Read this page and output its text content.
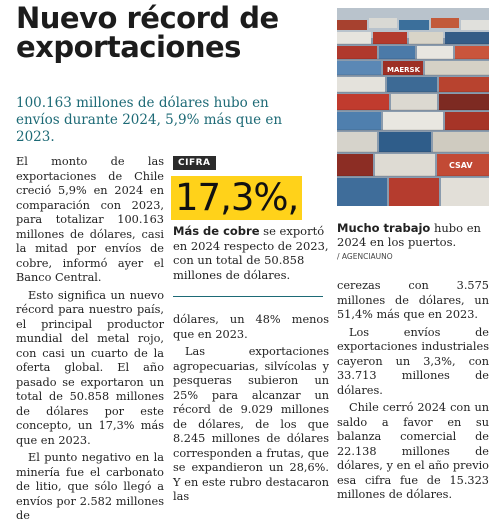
Nuevo récord de exportaciones

100.163 millones de dólares hubo en envíos durante 2024, 5,9% más que en 2023.

MAERSK
CSAV

Mucho trabajo hubo en 2024 en los puertos.

/ AGENCIAUNO

El monto de las exportaciones de Chile creció 5,9% en 2024 en comparación con 2023, para totalizar 100.163 millones de dólares, casi la mitad por envíos de cobre, informó ayer el Banco Central.

Esto significa un nuevo récord para nuestro país, el principal productor mundial del metal rojo, con casi un cuarto de la oferta global. El año pasado se exportaron un total de 50.858 millones de dólares por este concepto, un 17,3% más que en 2023.

El punto negativo en la minería fue el carbonato de litio, que sólo llegó a envíos por 2.582 millones de

CIFRA
17,3%,

Más de cobre se exportó en 2024 respecto de 2023, con un total de 50.858 millones de dólares.

dólares, un 48% menos que en 2023.

Las exportaciones agropecuarias, silvícolas y pesqueras subieron un 25% para alcanzar un récord de 9.029 millones de dólares, de los que 8.245 millones de dólares corresponden a frutas, que se expandieron un 28,6%. Y en este rubro destacaron las

cerezas con 3.575 millones de dólares, un 51,4% más que en 2023.

Los envíos de exportaciones industriales cayeron un 3,3%, con 33.713 millones de dólares.

Chile cerró 2024 con un saldo a favor en su balanza comercial de 22.138 millones de dólares, y en el año previo esa cifra fue de 15.323 millones de dólares.
